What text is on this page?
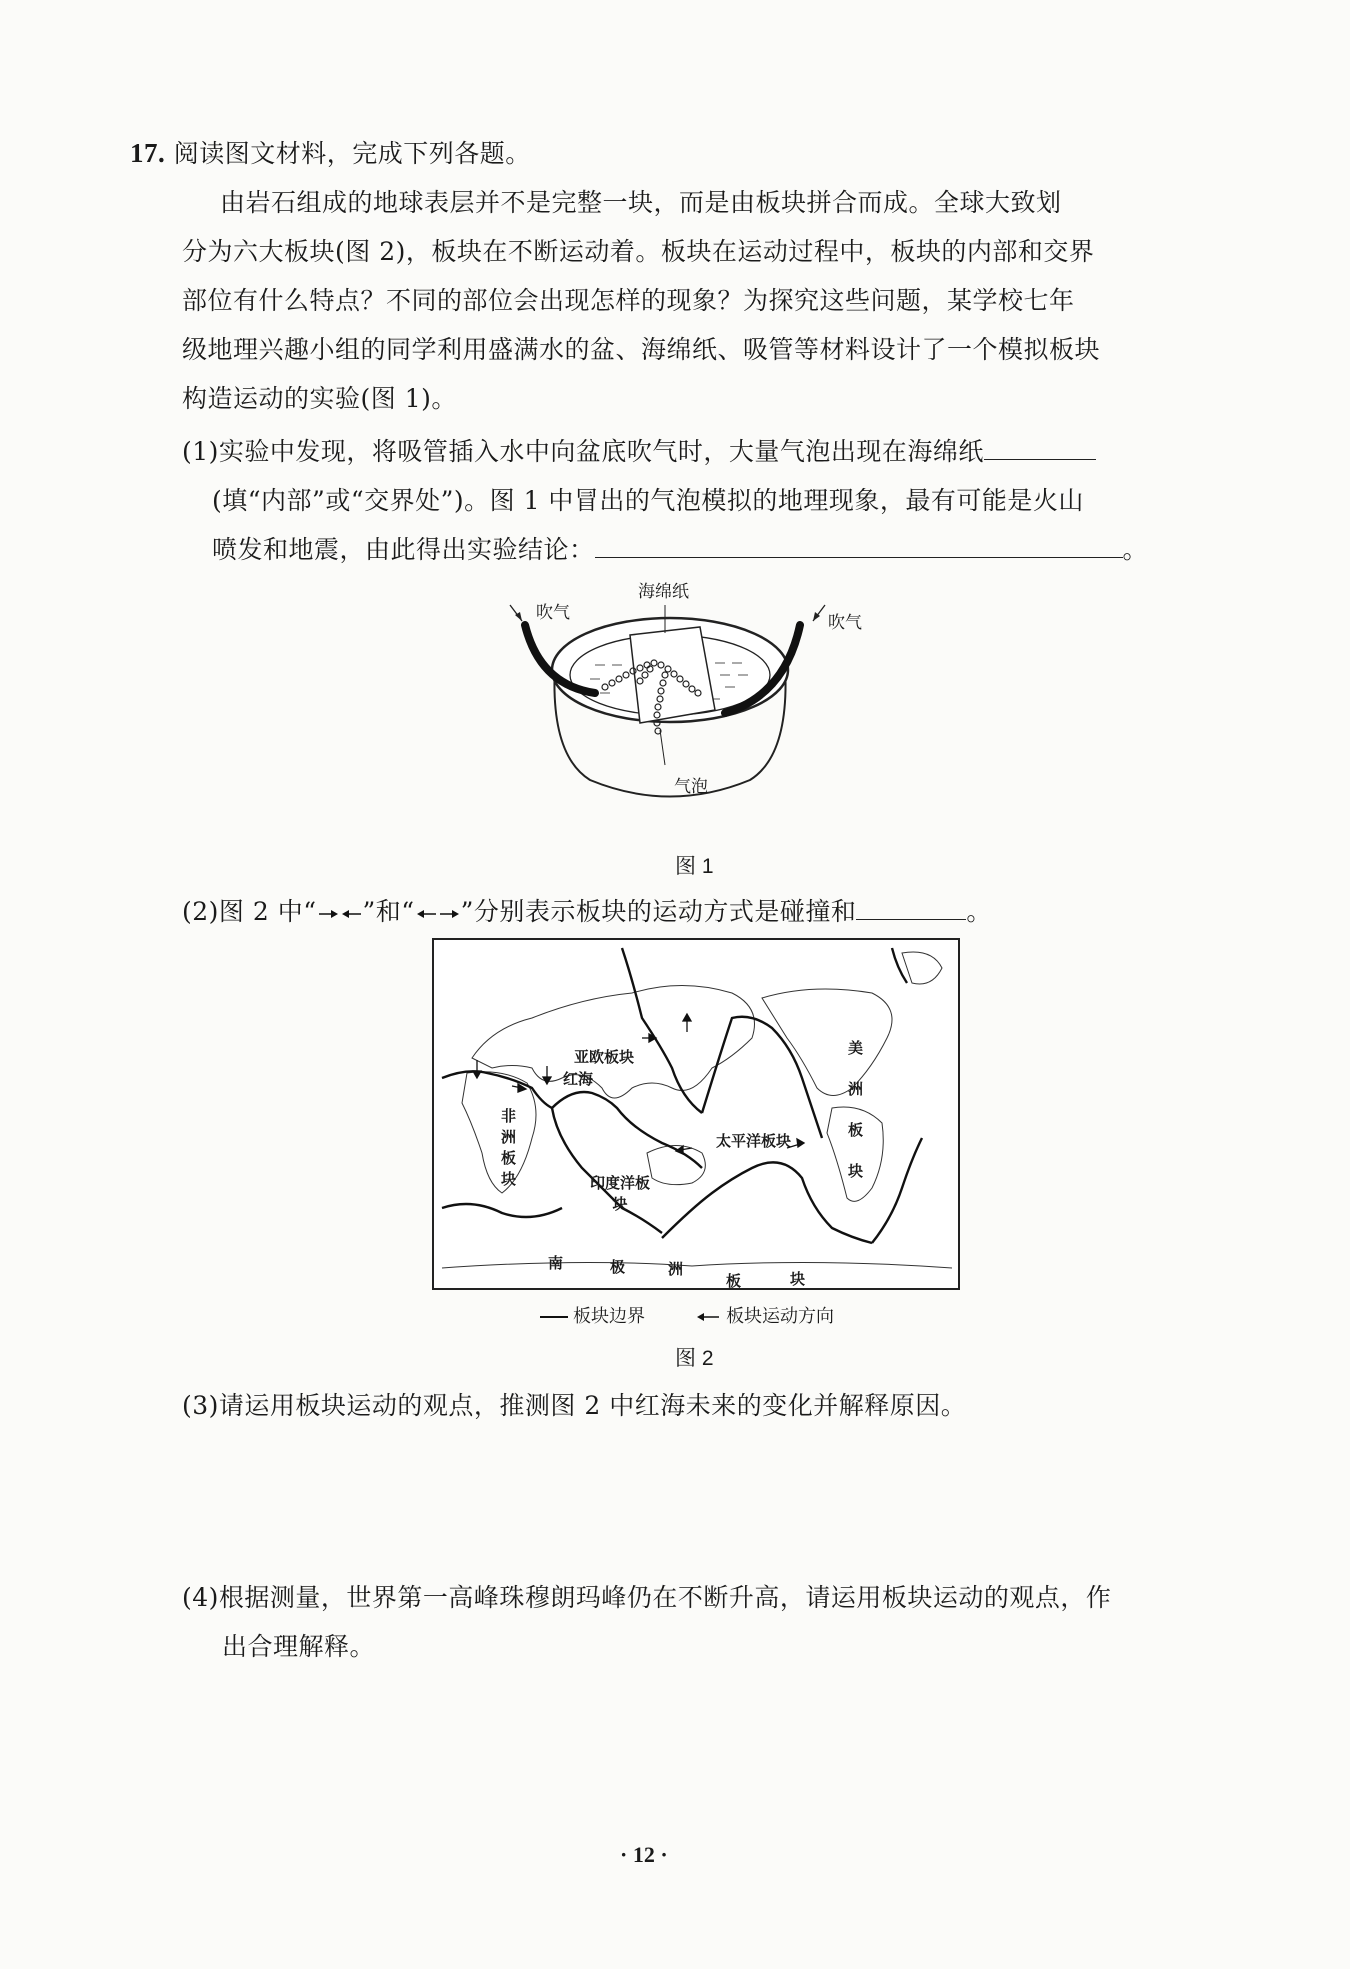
17. 阅读图文材料，完成下列各题。
由岩石组成的地球表层并不是完整一块，而是由板块拼合而成。全球大致划
分为六大板块(图 2)，板块在不断运动着。板块在运动过程中，板块的内部和交界
部位有什么特点？不同的部位会出现怎样的现象？为探究这些问题，某学校七年
级地理兴趣小组的同学利用盛满水的盆、海绵纸、吸管等材料设计了一个模拟板块
构造运动的实验(图 1)。
(1)实验中发现，将吸管插入水中向盆底吹气时，大量气泡出现在海绵纸
(填“内部”或“交界处”)。图 1 中冒出的气泡模拟的地理现象，最有可能是火山
喷发和地震，由此得出实验结论：	。
海绵纸
吹气
吹气
气泡
图 1
(2)图 2 中“ ”和“ ”分别表示板块的运动方式是碰撞和	。
亚欧板块
红海
非洲板块	印度洋板块
太平洋板块	美洲板块
南	极	洲
板	块
板块边界	板块运动方向
图 2
(3)请运用板块运动的观点，推测图 2 中红海未来的变化并解释原因。
(4)根据测量，世界第一高峰珠穆朗玛峰仍在不断升高，请运用板块运动的观点，作
出合理解释。
· 12 ·
